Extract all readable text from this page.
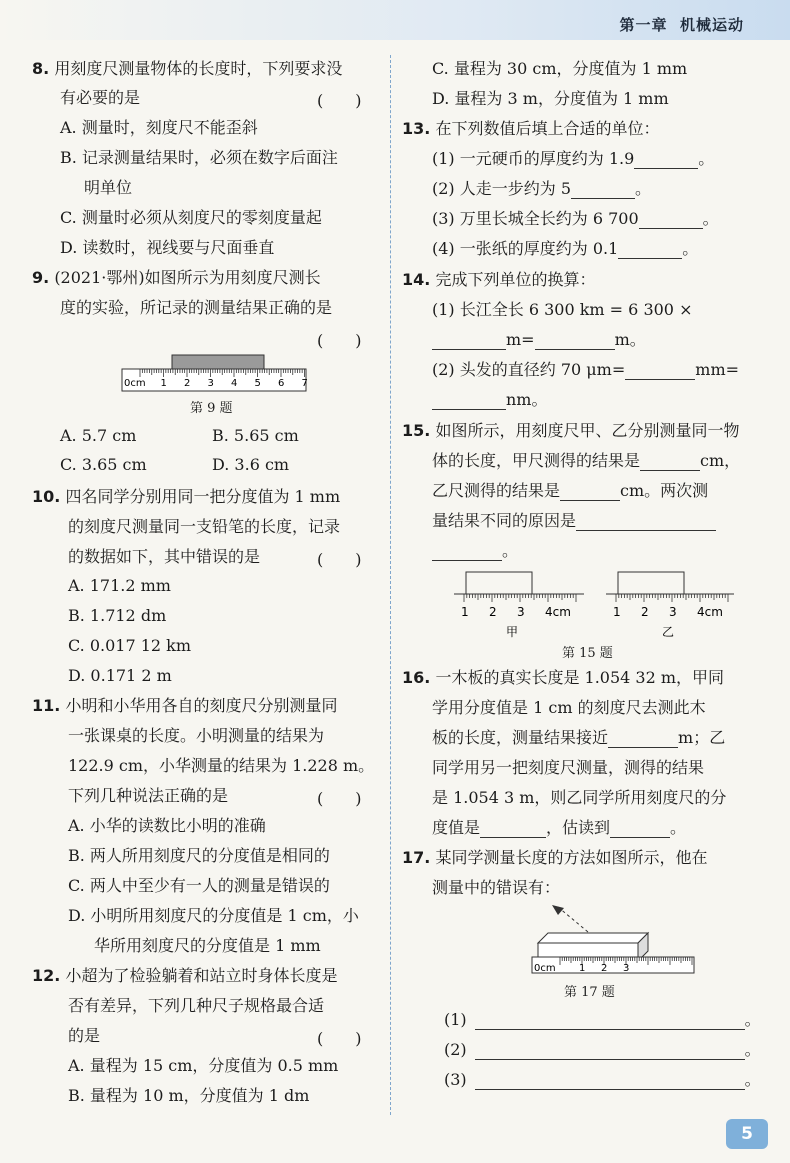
第一章 机械运动
8. 用刻度尺测量物体的长度时，下列要求没
有必要的是	(　　)
A. 测量时，刻度尺不能歪斜
B. 记录测量结果时，必须在数字后面注
明单位
C. 测量时必须从刻度尺的零刻度量起
D. 读数时，视线要与尺面垂直
9. (2021·鄂州)如图所示为用刻度尺测长
度的实验，所记录的测量结果正确的是
(　　)
0cm 1 2 3 4 5 6 7
第 9 题
A. 5.7 cm	B. 5.65 cm
C. 3.65 cm	D. 3.6 cm
10. 四名同学分别用同一把分度值为 1 mm
的刻度尺测量同一支铅笔的长度，记录
的数据如下，其中错误的是	(　　)
A. 171.2 mm
B. 1.712 dm
C. 0.017 12 km
D. 0.171 2 m
11. 小明和小华用各自的刻度尺分别测量同
一张课桌的长度。小明测量的结果为
122.9 cm，小华测量的结果为 1.228 m。
下列几种说法正确的是	(　　)
A. 小华的读数比小明的准确
B. 两人所用刻度尺的分度值是相同的
C. 两人中至少有一人的测量是错误的
D. 小明所用刻度尺的分度值是 1 cm，小
华所用刻度尺的分度值是 1 mm
12. 小超为了检验躺着和站立时身体长度是
否有差异，下列几种尺子规格最合适
的是	(　　)
A. 量程为 15 cm，分度值为 0.5 mm
B. 量程为 10 m，分度值为 1 dm
C. 量程为 30 cm，分度值为 1 mm
D. 量程为 3 m，分度值为 1 mm
13. 在下列数值后填上合适的单位：
(1) 一元硬币的厚度约为 1.9	。
(2) 人走一步约为 5	。
(3) 万里长城全长约为 6 700	。
(4) 一张纸的厚度约为 0.1	。
14. 完成下列单位的换算：
(1) 长江全长 6 300 km = 6 300 ×
m=	m。
(2) 头发的直径约 70 μm=	mm=
nm。
15. 如图所示，用刻度尺甲、乙分别测量同一物
体的长度，甲尺测得的结果是	cm，
乙尺测得的结果是	cm。两次测
量结果不同的原因是
。
1 2 3 4cm
甲
1 2 3 4cm
乙
第 15 题
16. 一木板的真实长度是 1.054 32 m，甲同
学用分度值是 1 cm 的刻度尺去测此木
板的长度，测量结果接近	m；乙
同学用另一把刻度尺测量，测得的结果
是 1.054 3 m，则乙同学所用刻度尺的分
度值是	，估读到	。
17. 某同学测量长度的方法如图所示，他在
测量中的错误有：
0cm 1 2 3
第 17 题
(1)	。
(2)	。
(3)	。
5
